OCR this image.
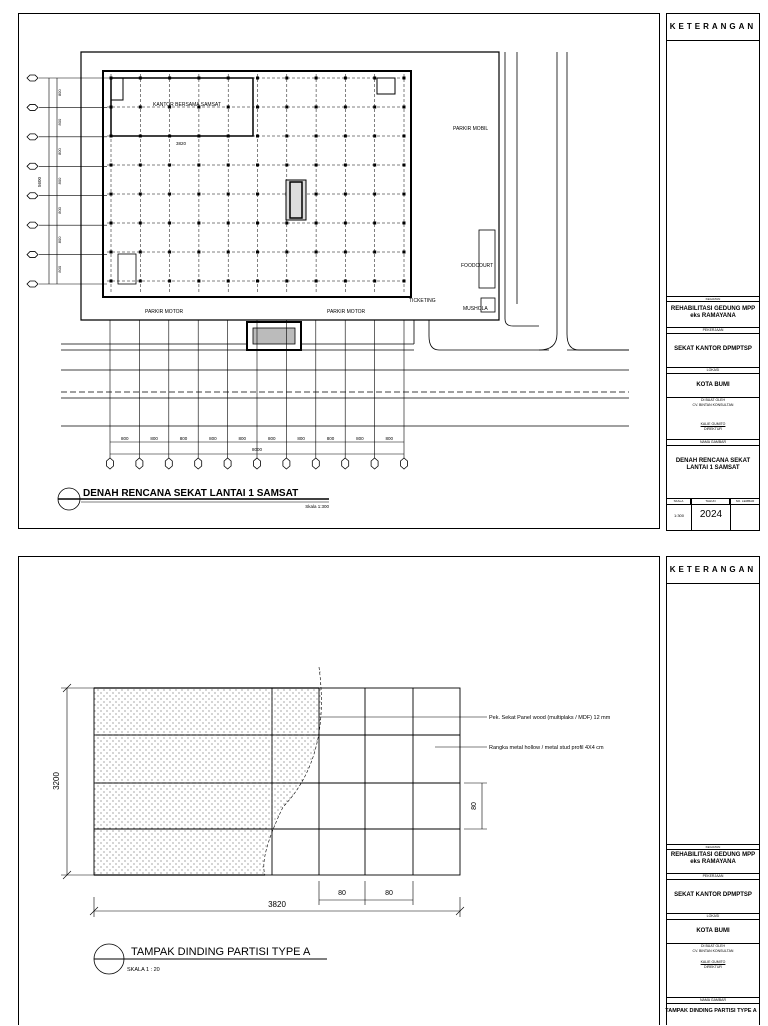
KANTOR BERSAMA SAMSAT
PARKIR MOBIL
FOODCOURT
MUSHOLA
TICKETING
PARKIR MOTOR	PARKIR MOTOR
3820
8000
5600
DENAH RENCANA SEKAT LANTAI 1 SAMSAT
Skala 1:300
800	800	800	800	800	800	800	800	800	800
800
800
800
800
800
800
800
KETERANGAN
KEGIATAN
REHABILITASI GEDUNG MPP eks RAMAYANA
PEKERJAAN
SEKAT KANTOR DPMPTSP
LOKASI
KOTA BUMI
DI BUAT OLEH
CV. BINTAN KONSULTAN
KALIE GUMITO
DIREKTUR
NAMA GAMBAR
DENAH RENCANA SEKAT LANTAI 1 SAMSAT
SKALA
1:300
TAHUN
2024
NO. LEMBAR
Pek. Sekat Panel wood (multiplaks / MDF) 12 mm
Rangka metal hollow / metal stud profil 4X4 cm
3200
3820
80
80	80
TAMPAK DINDING PARTISI TYPE A
SKALA 1 : 20
KETERANGAN
KEGIATAN
REHABILITASI GEDUNG MPP eks RAMAYANA
PEKERJAAN
SEKAT KANTOR DPMPTSP
LOKASI
KOTA BUMI
DI BUAT OLEH
CV. BINTAN KONSULTAN
KALIE GUMITO
DIREKTUR
NAMA GAMBAR
TAMPAK DINDING PARTISI TYPE A
